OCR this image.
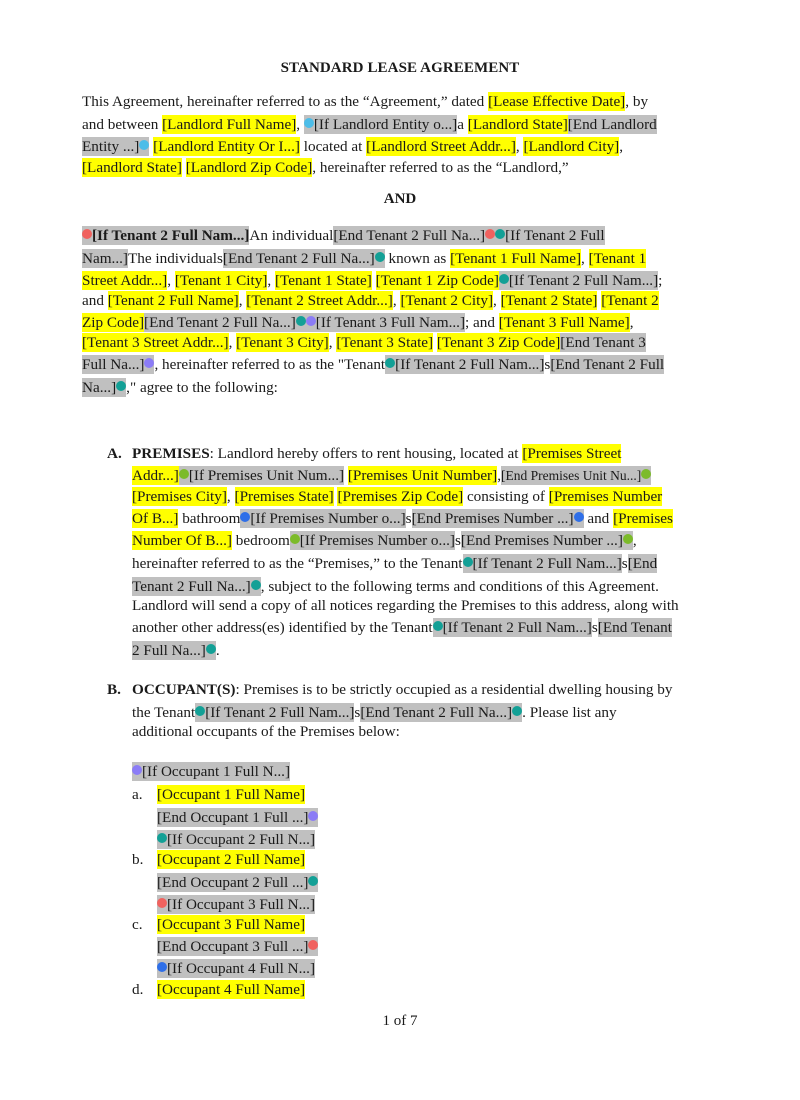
STANDARD LEASE AGREEMENT
This Agreement, hereinafter referred to as the “Agreement,” dated [Lease Effective Date], by
and between [Landlord Full Name], [If Landlord Entity o...]a [Landlord State][End Landlord
Entity ...] [Landlord Entity Or I...] located at [Landlord Street Addr...], [Landlord City],
[Landlord State] [Landlord Zip Code], hereinafter referred to as the “Landlord,”
AND
[If Tenant 2 Full Nam...]An individual[End Tenant 2 Full Na...] [If Tenant 2 Full
Nam...]The individuals[End Tenant 2 Full Na...] known as [Tenant 1 Full Name], [Tenant 1
Street Addr...], [Tenant 1 City], [Tenant 1 State] [Tenant 1 Zip Code] [If Tenant 2 Full Nam...];
and [Tenant 2 Full Name], [Tenant 2 Street Addr...], [Tenant 2 City], [Tenant 2 State] [Tenant 2
Zip Code][End Tenant 2 Full Na...] [If Tenant 3 Full Nam...]; and [Tenant 3 Full Name],
[Tenant 3 Street Addr...], [Tenant 3 City], [Tenant 3 State] [Tenant 3 Zip Code][End Tenant 3
Full Na...] , hereinafter referred to as the "Tenant [If Tenant 2 Full Nam...]s[End Tenant 2 Full
Na...] ," agree to the following:
A. PREMISES: Landlord hereby offers to rent housing, located at [Premises Street
Addr...] [If Premises Unit Num...] [Premises Unit Number],[End Premises Unit Nu...]
[Premises City], [Premises State] [Premises Zip Code] consisting of [Premises Number
Of B...] bathroom [If Premises Number o...]s[End Premises Number ...] and [Premises
Number Of B...] bedroom [If Premises Number o...]s[End Premises Number ...] ,
hereinafter referred to as the “Premises,” to the Tenant [If Tenant 2 Full Nam...]s[End
Tenant 2 Full Na...] , subject to the following terms and conditions of this Agreement.
Landlord will send a copy of all notices regarding the Premises to this address, along with
another other address(es) identified by the Tenant [If Tenant 2 Full Nam...]s[End Tenant
2 Full Na...] .
B. OCCUPANT(S): Premises is to be strictly occupied as a residential dwelling housing by
the Tenant [If Tenant 2 Full Nam...]s[End Tenant 2 Full Na...] . Please list any
additional occupants of the Premises below:
[If Occupant 1 Full N...]
a. [Occupant 1 Full Name]
[End Occupant 1 Full ...]
[If Occupant 2 Full N...]
b. [Occupant 2 Full Name]
[End Occupant 2 Full ...]
[If Occupant 3 Full N...]
c. [Occupant 3 Full Name]
[End Occupant 3 Full ...]
[If Occupant 4 Full N...]
d. [Occupant 4 Full Name]
1 of 7
